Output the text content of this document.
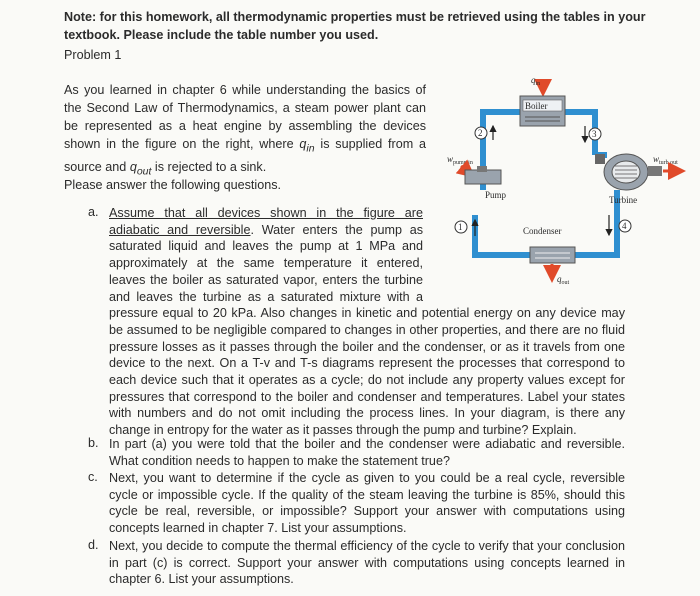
Note: for this homework, all thermodynamic properties must be retrieved using the tables in your textbook. Please include the table number you used.
Problem 1
As you learned in chapter 6 while understanding the basics of the Second Law of Thermodynamics, a steam power plant can be represented as a heat engine by assembling the devices shown in the figure on the right, where $q_{in}$ is supplied from a source and $q_{out}$ is rejected to a sink.
Please answer the following questions.
$q_{in}$
Boiler
2	3
$w_{pump,in}$
Pump	Turbine
$w_{turb,out}$
1	Condenser	4
$q_{out}$
a. Assume that all devices shown in the figure are adiabatic and reversible. Water enters the pump as saturated liquid and leaves the pump at 1 MPa and approximately at the same temperature it entered, leaves the boiler as saturated vapor, enters the turbine and leaves the turbine as a saturated mixture with a pressure equal to 20 kPa. Also changes in kinetic and potential energy on any device may be assumed to be negligible compared to changes in other properties, and there are no fluid pressure losses as it passes through the boiler and the condenser, or as it travels from one device to the next. On a T-v and T-s diagrams represent the processes that correspond to each device such that it operates as a cycle; do not include any property values except for pressures that correspond to the boiler and condenser and temperatures. Label your states with numbers and do not omit including the process lines. In your diagram, is there any change in entropy for the water as it passes through the pump and turbine? Explain.
b. In part (a) you were told that the boiler and the condenser were adiabatic and reversible. What condition needs to happen to make the statement true?
c. Next, you want to determine if the cycle as given to you could be a real cycle, reversible cycle or impossible cycle. If the quality of the steam leaving the turbine is 85%, should this cycle be real, reversible, or impossible? Support your answer with computations using concepts learned in chapter 7. List your assumptions.
d. Next, you decide to compute the thermal efficiency of the cycle to verify that your conclusion in part (c) is correct. Support your answer with computations using concepts learned in chapter 6. List your assumptions.
